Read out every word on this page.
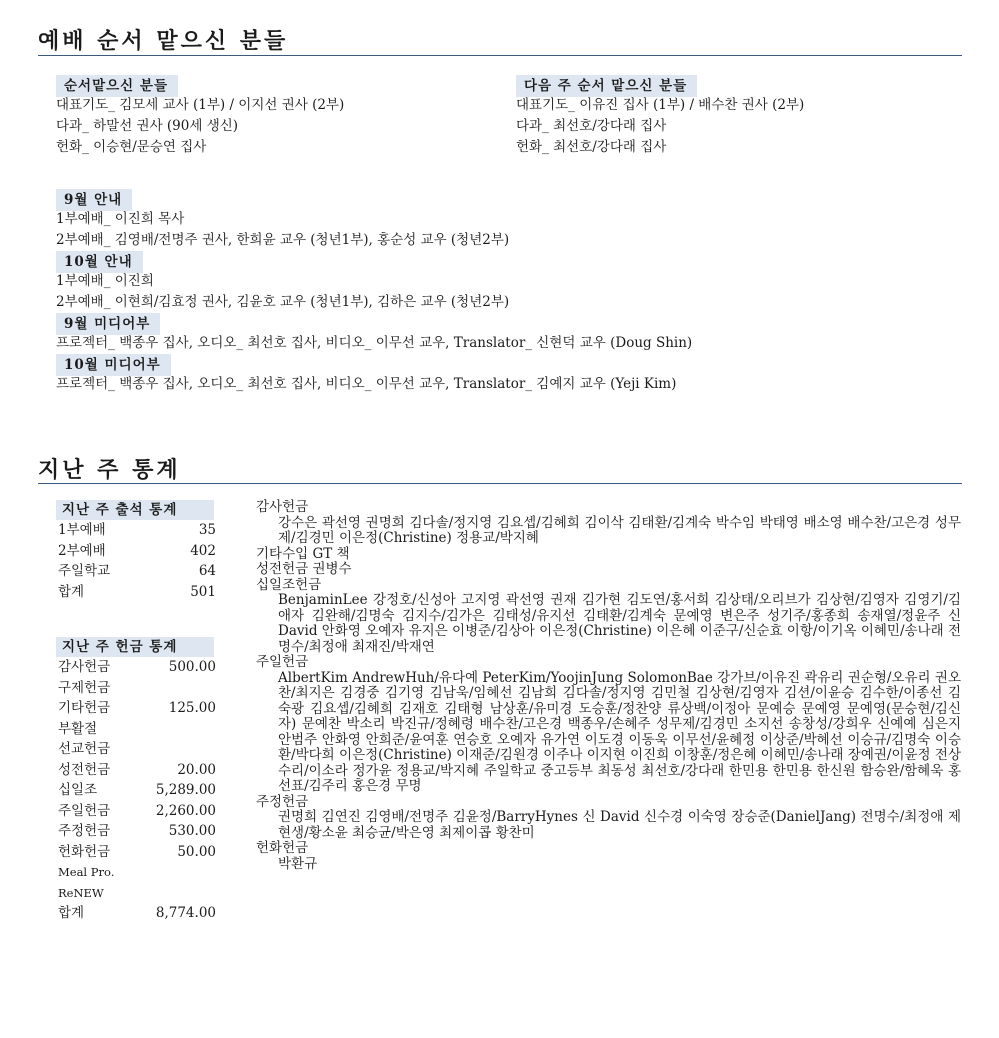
예배 순서 맡으신 분들
순서맡으신 분들
대표기도_ 김모세 교사 (1부) / 이지선 권사 (2부)
다과_ 하말선 권사 (90세 생신)
헌화_ 이승현/문승연 집사
다음 주 순서 맡으신 분들
대표기도_ 이유진 집사 (1부) / 배수찬 권사 (2부)
다과_ 최선호/강다래 집사
헌화_ 최선호/강다래 집사
9월 안내
1부예배_ 이진희 목사
2부예배_ 김영배/전명주 권사, 한희윤 교우 (청년1부), 홍순성 교우 (청년2부)
10월 안내
1부예배_ 이진희
2부예배_ 이현희/김효정 권사, 김윤호 교우 (청년1부), 김하은 교우 (청년2부)
9월 미디어부
프로젝터_ 백종우 집사, 오디오_ 최선호 집사, 비디오_ 이무선 교우, Translator_ 신현덕 교우 (Doug Shin)
10월 미디어부
프로젝터_ 백종우 집사, 오디오_ 최선호 집사, 비디오_ 이무선 교우, Translator_ 김예지 교우 (Yeji Kim)
지난 주 통계
지난 주 출석 통계
1부예배	35
2부예배	402
주일학교	64
합계	501
지난 주 헌금 통계
감사헌금	500.00
구제헌금
기타헌금	125.00
부활절
선교헌금
성전헌금	20.00
십일조	5,289.00
주일헌금	2,260.00
주정헌금	530.00
헌화헌금	50.00
Meal Pro.
ReNEW
합계	8,774.00
감사헌금
강수은 곽선영 권명희 김다솔/정지영 김요셉/김혜희 김이삭 김태환/김계숙 박수임 박태영 배소영 배수찬/고은경 성무제/김경민 이은정(Christine) 정용교/박지혜
기타수입 GT 책
성전헌금 권병수
십일조헌금
BenjaminLee 강정호/신성아 고지영 곽선영 권재 김가현 김도연/홍서희 김상태/오리브가 김상현/김영자 김영기/김애자 김완해/김명숙 김지수/김가은 김태성/유지선 김태환/김계숙 문예영 변은주 성기주/홍종희 송재열/정윤주 신 David 안화영 오예자 유지은 이병준/김상아 이은정(Christine) 이은혜 이준구/신순효 이항/이기옥 이혜민/송나래 전명수/최정애 최재진/박재연
주일헌금
AlbertKim AndrewHuh/유다예 PeterKim/YoojinJung SolomonBae 강가브/이유진 곽유리 권순형/오유리 권오찬/최지은 김경중 김기영 김남욱/임혜선 김남희 김다솔/정지영 김민철 김상현/김영자 김션/이윤승 김수한/이종선 김숙광 김요셉/김혜희 김재호 김태형 남상훈/유미경 도승훈/정찬양 류상백/이정아 문예승 문예영 문예영(문승현/김신자) 문예찬 박소리 박진규/정혜령 배수찬/고은경 백종우/손혜주 성무제/김경민 소지선 송창성/강희우 신예예 심은지 안범주 안화영 안희준/윤여훈 연승호 오예자 유가연 이도경 이동욱 이무선/윤혜정 이상준/박혜선 이승규/김명숙 이승환/박다희 이은정(Christine) 이재준/김원경 이주나 이지현 이진희 이창훈/정은혜 이혜민/송나래 장예권/이윤정 전상수리/이소라 정가윤 정용교/박지혜 주일학교 중고등부 최동성 최선호/강다래 한민용 한민용 한신원 함승완/함혜욱 홍선표/김주리 홍은경 무명
주정헌금
권명희 김연진 김영배/전명주 김윤정/BarryHynes 신 David 신수경 이숙영 장승준(DanielJang) 전명수/최정애 제현생/황소윤 최승균/박은영 최제이콥 황찬미
헌화헌금
박환규
